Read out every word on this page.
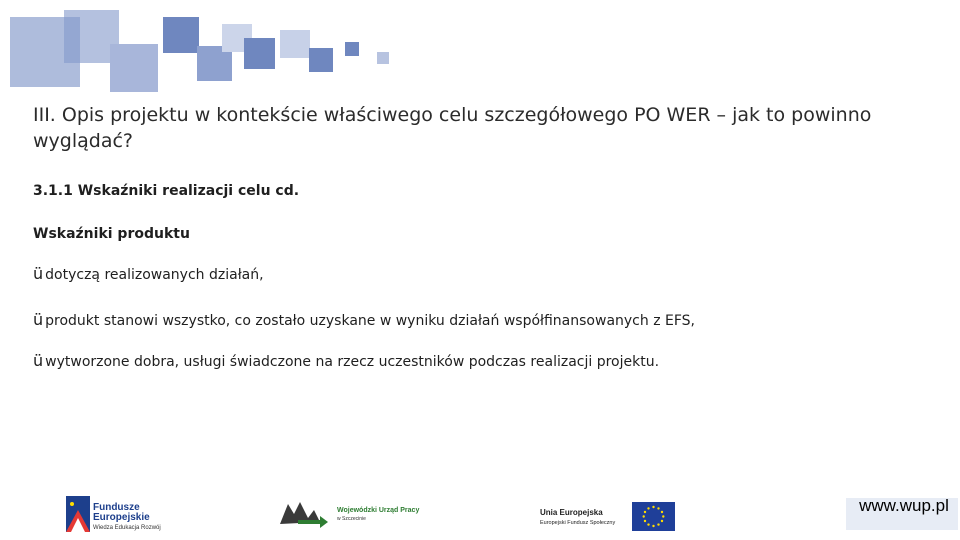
III. Opis projektu w kontekście właściwego celu szczegółowego PO WER – jak to powinno wyglądać?
3.1.1 Wskaźniki realizacji celu cd.
Wskaźniki produktu
ü dotyczą realizowanych działań,
ü produkt stanowi wszystko, co zostało uzyskane w wyniku działań współfinansowanych z EFS,
ü wytworzone dobra, usługi świadczone na rzecz uczestników podczas realizacji projektu.
Fundusze
Europejskie
Wiedza Edukacja Rozwój
Wojewódzki Urząd Pracy
w Szczecinie
Unia Europejska
Europejski Fundusz Społeczny
www.wup.pl
